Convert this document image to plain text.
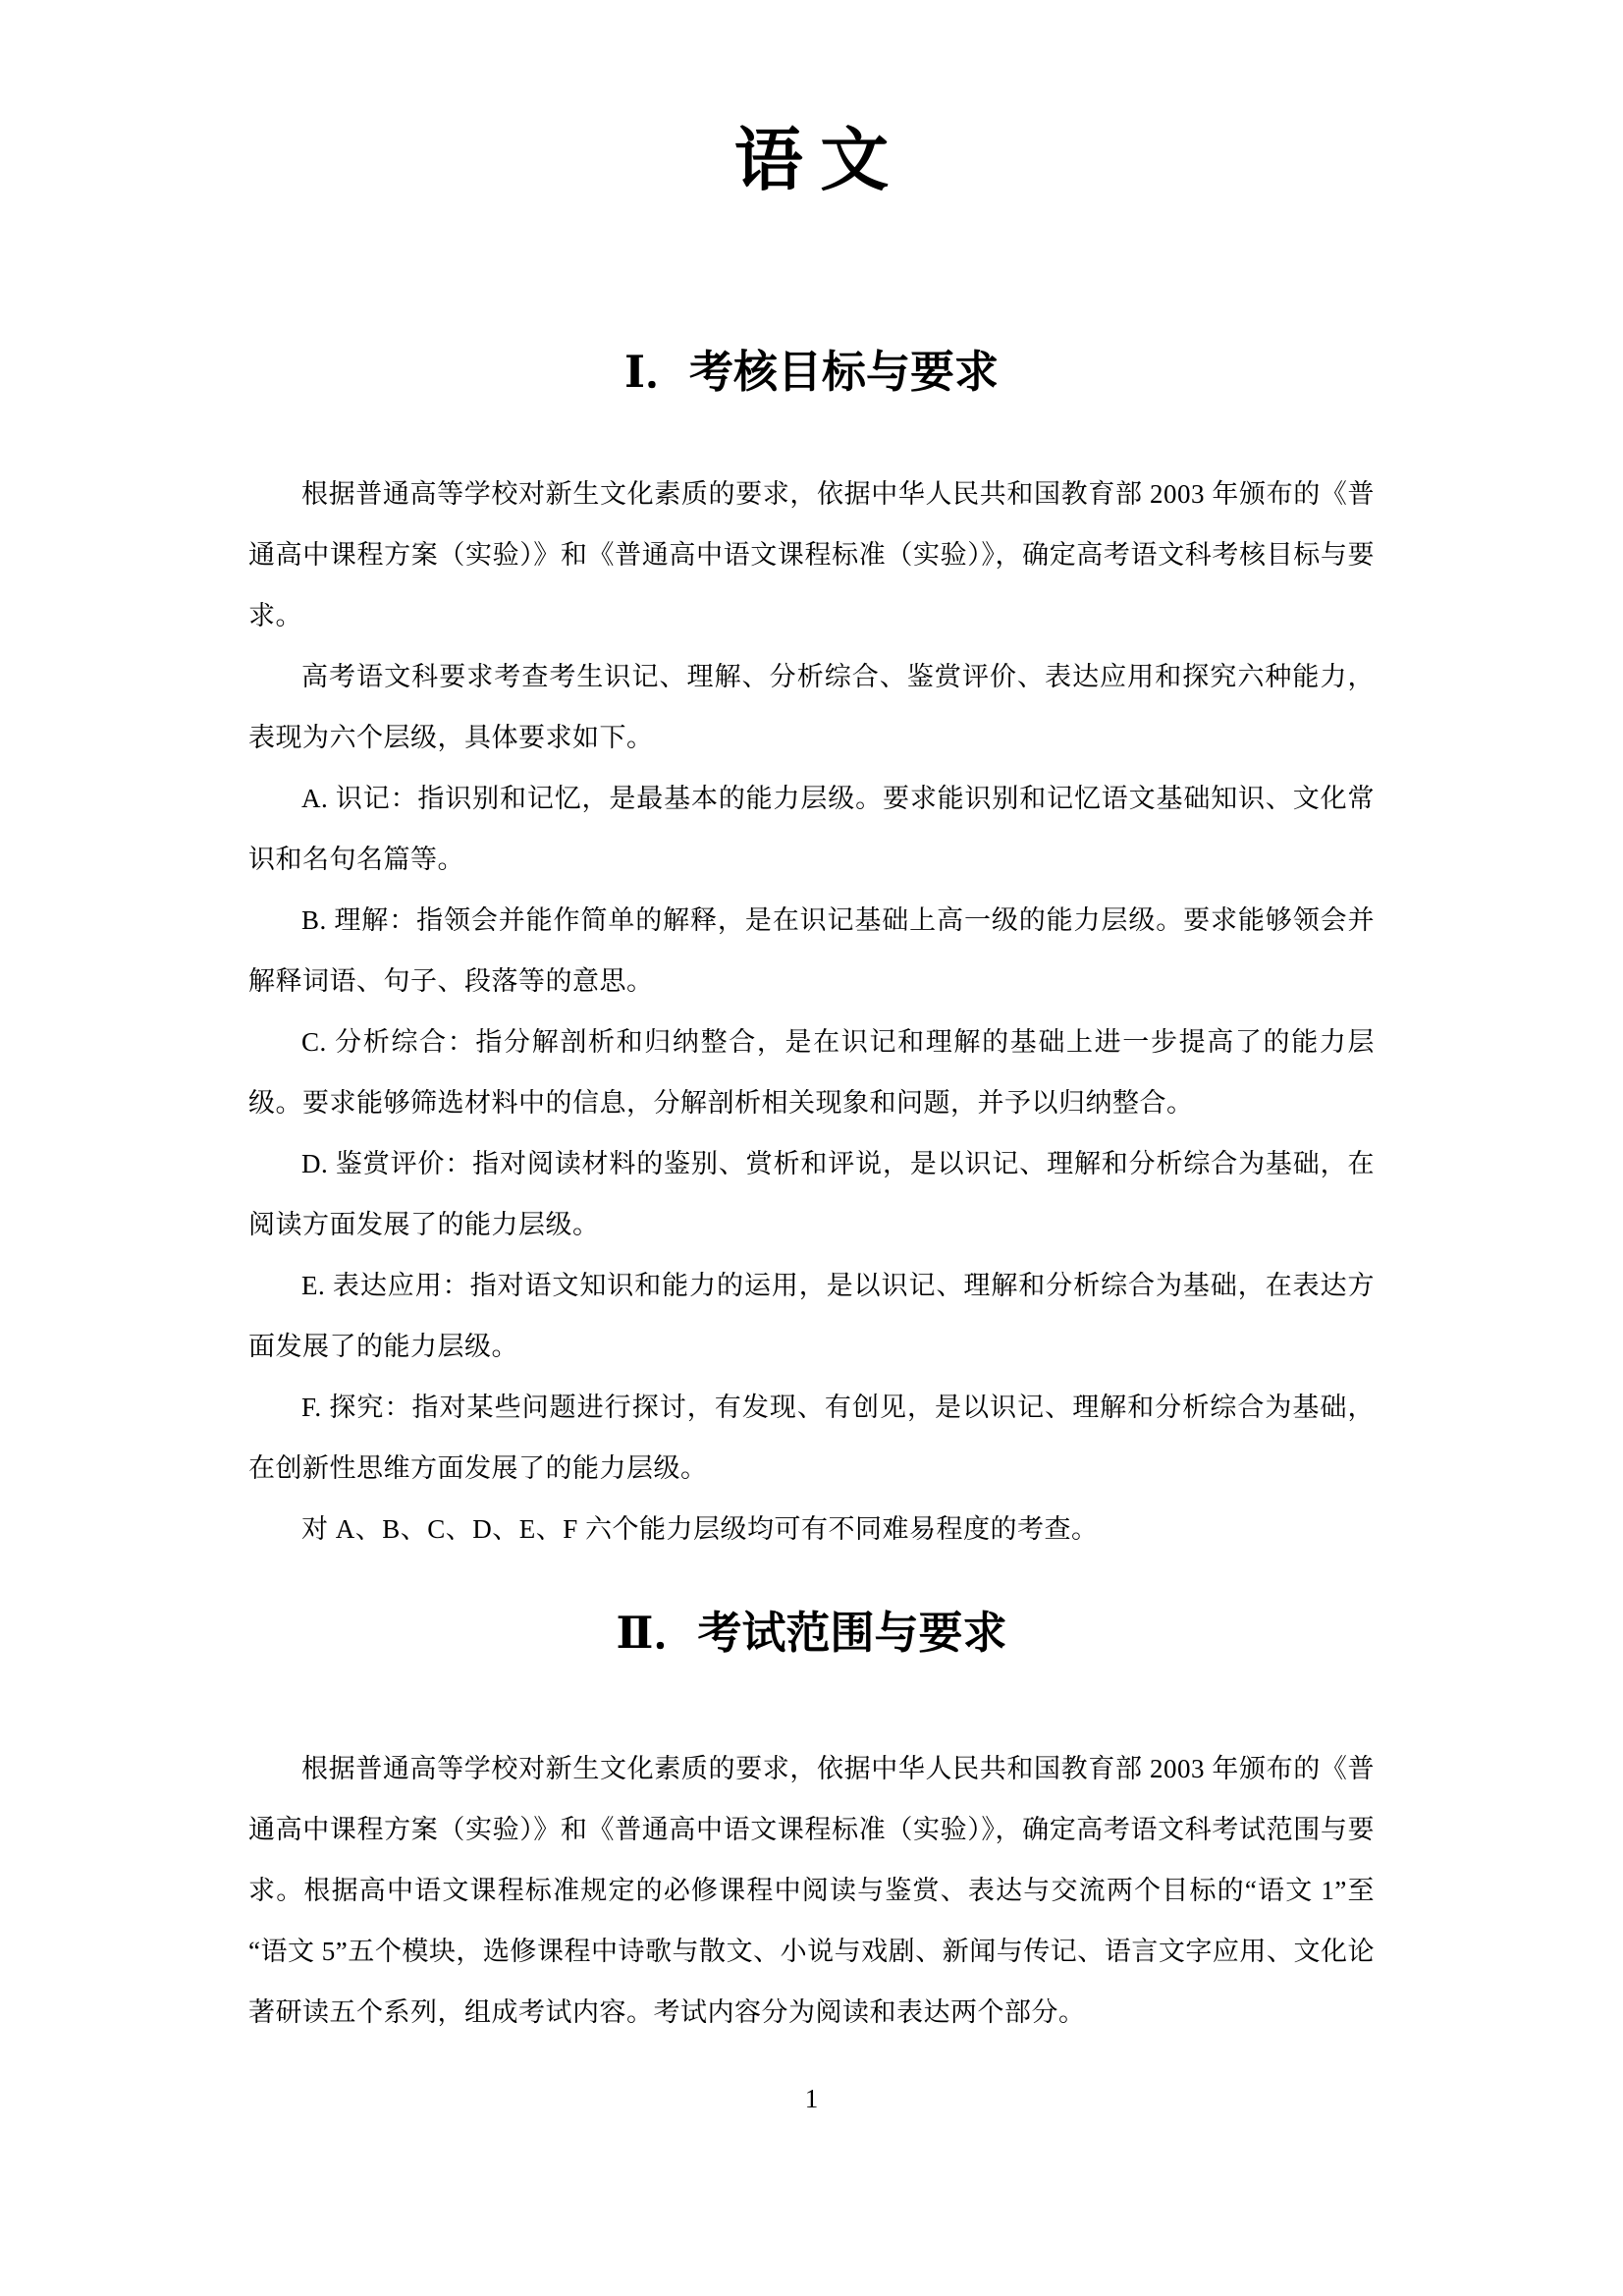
语 文
Ⅰ．考核目标与要求

根据普通高等学校对新生文化素质的要求，依据中华人民共和国教育部 2003 年颁布的《普通高中课程方案（实验）》和《普通高中语文课程标准（实验）》，确定高考语文科考核目标与要求。

高考语文科要求考查考生识记、理解、分析综合、鉴赏评价、表达应用和探究六种能力，表现为六个层级，具体要求如下。

A. 识记：指识别和记忆，是最基本的能力层级。要求能识别和记忆语文基础知识、文化常识和名句名篇等。

B. 理解：指领会并能作简单的解释，是在识记基础上高一级的能力层级。要求能够领会并解释词语、句子、段落等的意思。

C. 分析综合：指分解剖析和归纳整合，是在识记和理解的基础上进一步提高了的能力层级。要求能够筛选材料中的信息，分解剖析相关现象和问题，并予以归纳整合。

D. 鉴赏评价：指对阅读材料的鉴别、赏析和评说，是以识记、理解和分析综合为基础，在阅读方面发展了的能力层级。

E. 表达应用：指对语文知识和能力的运用，是以识记、理解和分析综合为基础，在表达方面发展了的能力层级。

F. 探究：指对某些问题进行探讨，有发现、有创见，是以识记、理解和分析综合为基础，在创新性思维方面发展了的能力层级。

对 A、B、C、D、E、F 六个能力层级均可有不同难易程度的考查。

Ⅱ．考试范围与要求

根据普通高等学校对新生文化素质的要求，依据中华人民共和国教育部 2003 年颁布的《普通高中课程方案（实验）》和《普通高中语文课程标准（实验）》，确定高考语文科考试范围与要求。根据高中语文课程标准规定的必修课程中阅读与鉴赏、表达与交流两个目标的“语文 1”至“语文 5”五个模块，选修课程中诗歌与散文、小说与戏剧、新闻与传记、语言文字应用、文化论著研读五个系列，组成考试内容。考试内容分为阅读和表达两个部分。

1
